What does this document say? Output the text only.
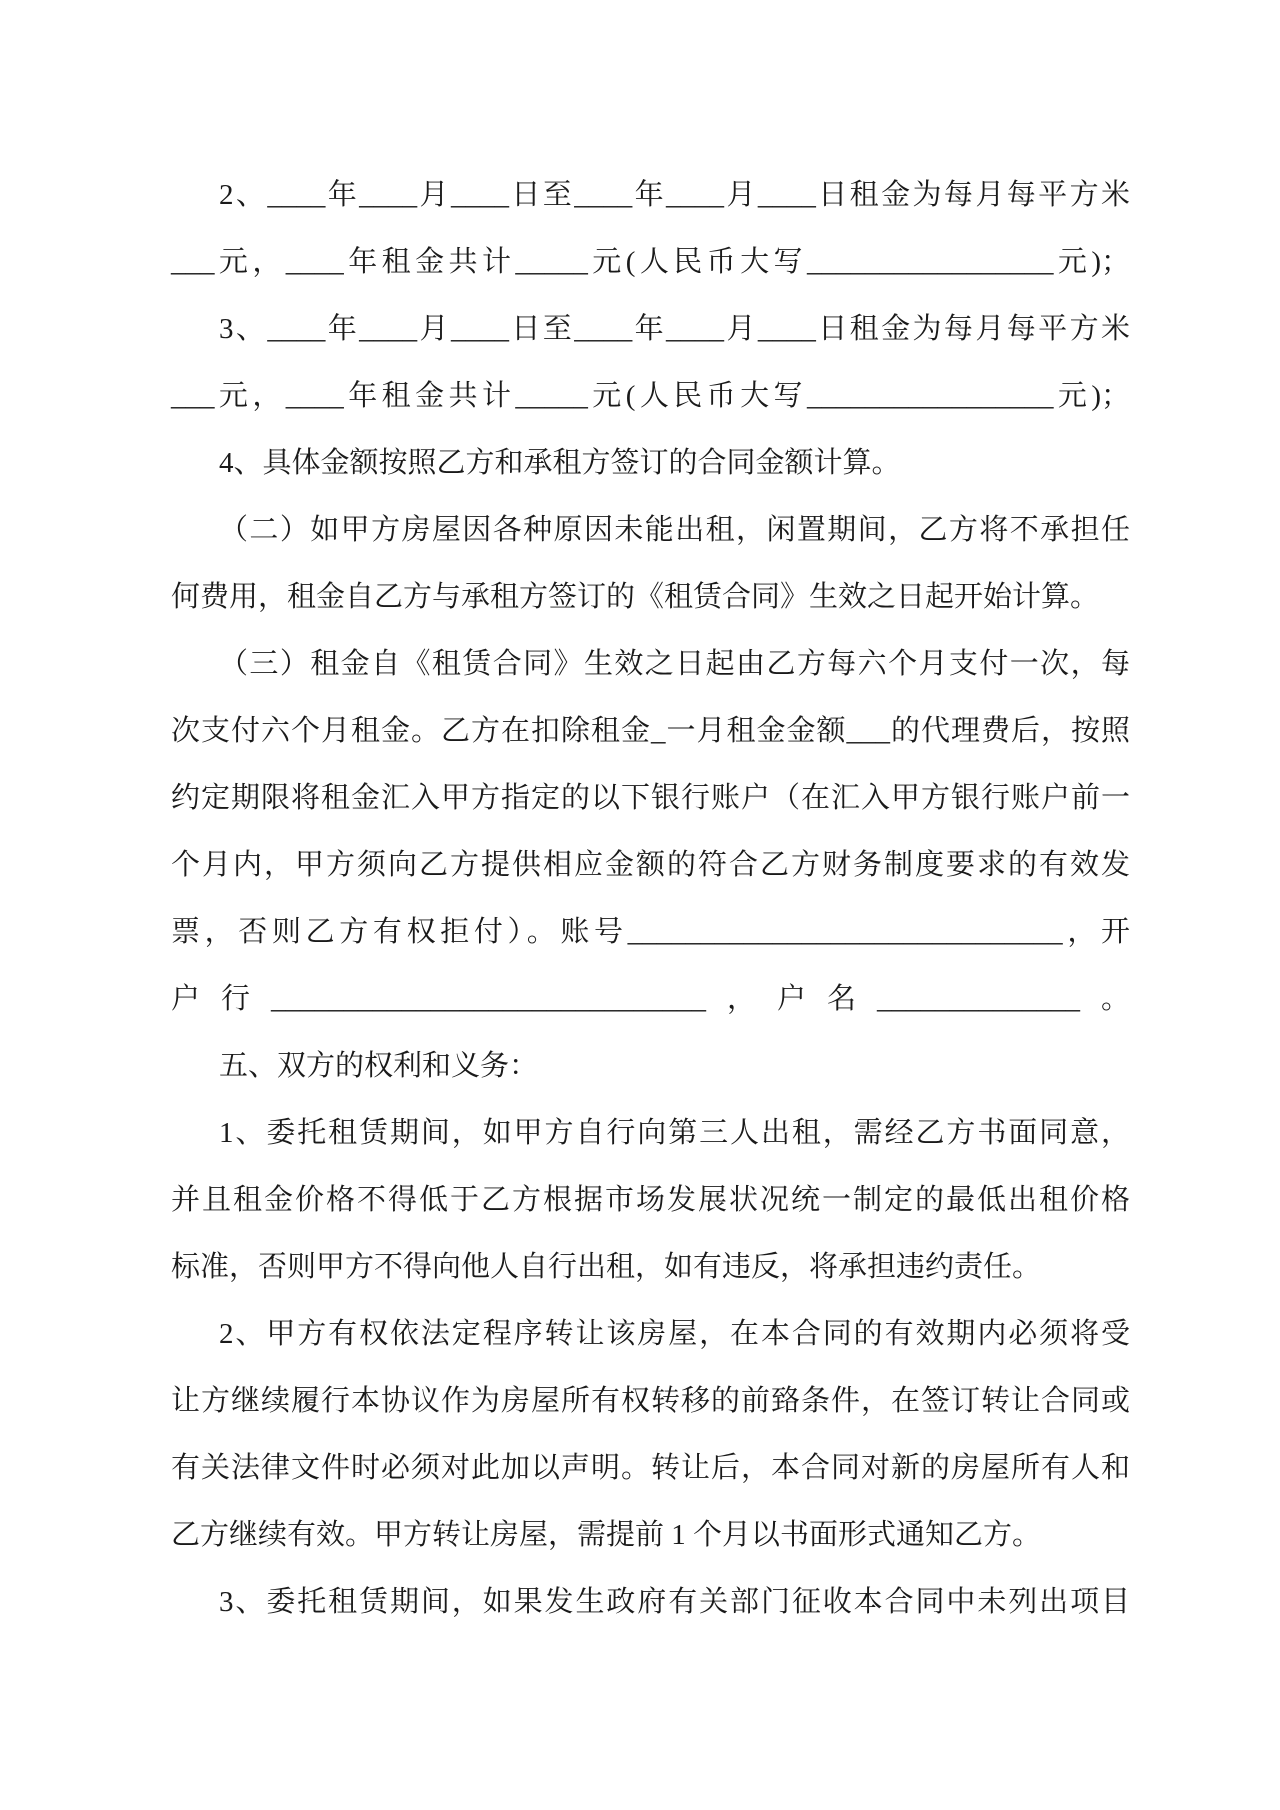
2、____年____月____日至____年____月____日租金为每月每平方米
___元，____年租金共计_____元(人民币大写_________________元)；
3、____年____月____日至____年____月____日租金为每月每平方米
___元，____年租金共计_____元(人民币大写_________________元)；
4、具体金额按照乙方和承租方签订的合同金额计算。
（二）如甲方房屋因各种原因未能出租，闲置期间，乙方将不承担任
何费用，租金自乙方与承租方签订的《租赁合同》生效之日起开始计算。
（三）租金自《租赁合同》生效之日起由乙方每六个月支付一次，每
次支付六个月租金。乙方在扣除租金_一月租金金额___的代理费后，按照
约定期限将租金汇入甲方指定的以下银行账户（在汇入甲方银行账户前一
个月内，甲方须向乙方提供相应金额的符合乙方财务制度要求的有效发
票，否则乙方有权拒付）。账号______________________________，开
户行______________________________，户名______________。
五、双方的权利和义务：
1、委托租赁期间，如甲方自行向第三人出租，需经乙方书面同意，
并且租金价格不得低于乙方根据市场发展状况统一制定的最低出租价格
标准，否则甲方不得向他人自行出租，如有违反，将承担违约责任。
2、甲方有权依法定程序转让该房屋，在本合同的有效期内必须将受
让方继续履行本协议作为房屋所有权转移的前臵条件，在签订转让合同或
有关法律文件时必须对此加以声明。转让后，本合同对新的房屋所有人和
乙方继续有效。甲方转让房屋，需提前 1 个月以书面形式通知乙方。
3、委托租赁期间，如果发生政府有关部门征收本合同中未列出项目
